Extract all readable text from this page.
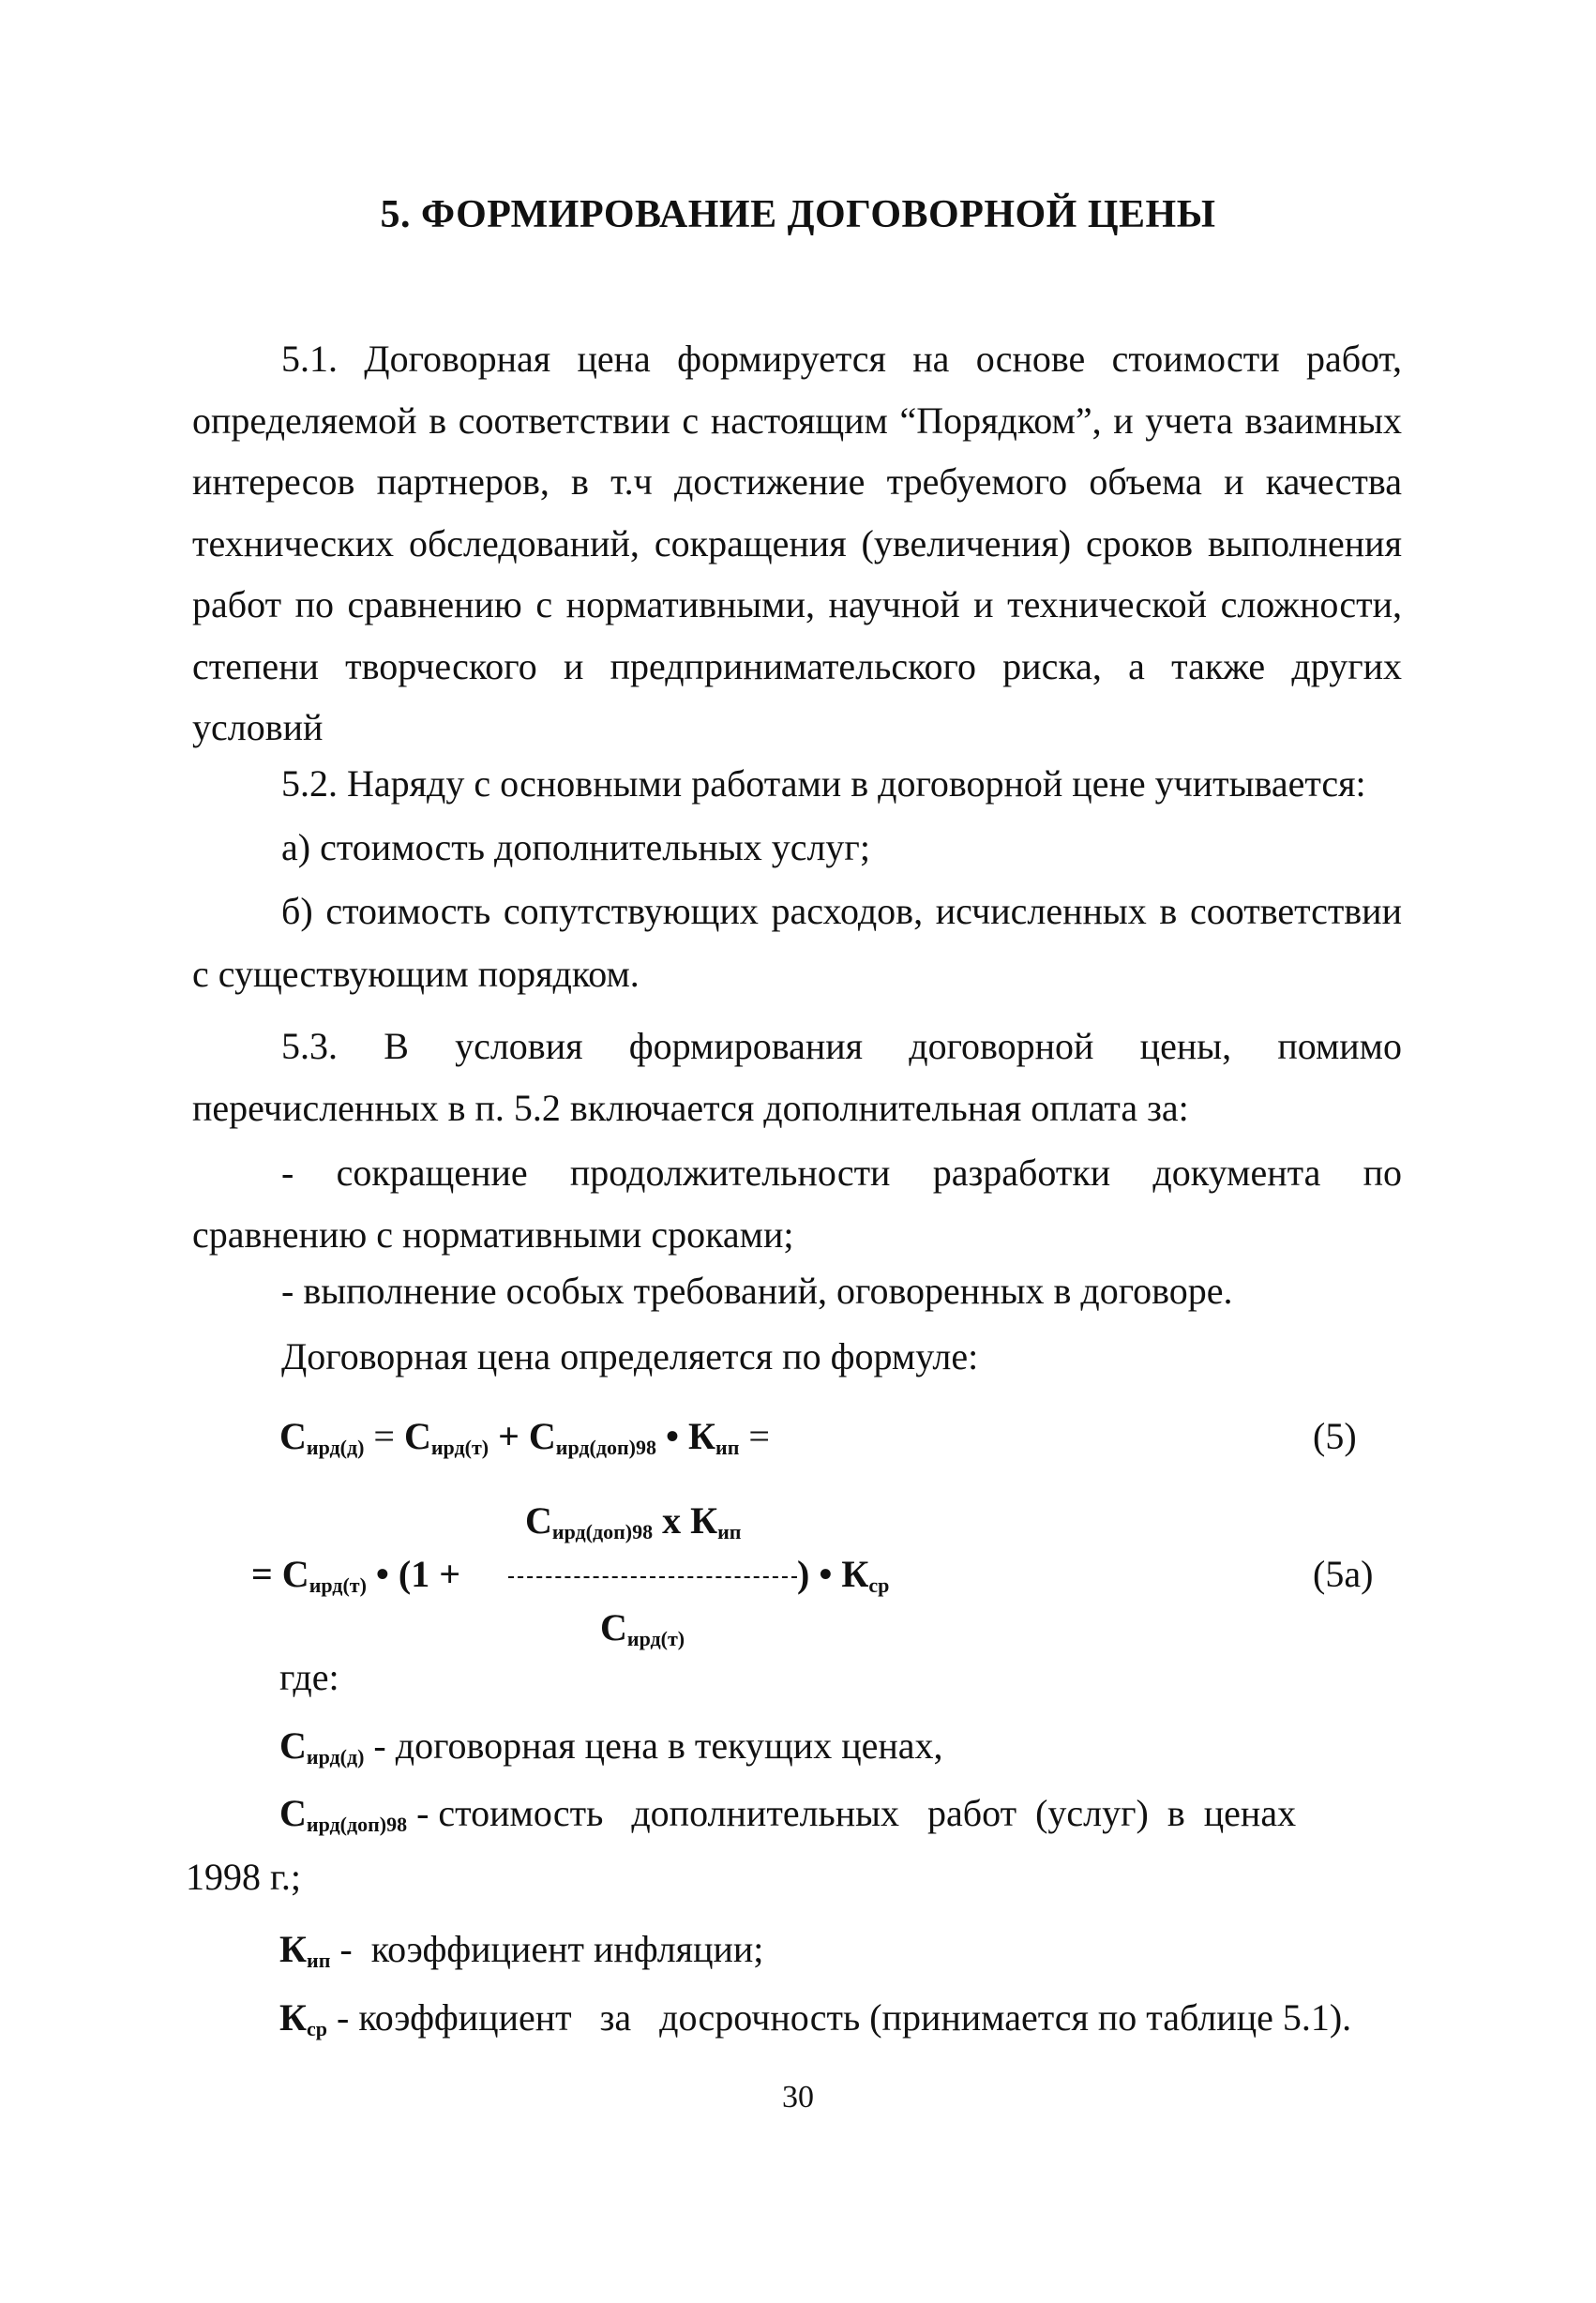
5. ФОРМИРОВАНИЕ ДОГОВОРНОЙ ЦЕНЫ
5.1. Договорная цена формируется на основе стоимости работ, определяемой в соответствии с настоящим “Порядком”, и учета взаимных интересов партнеров, в т.ч достижение требуемого объема и качества технических обследований, сокращения (увеличения) сроков выполнения работ по сравнению с нормативными, научной и технической сложности, степени творческого и предпринимательского риска, а также других условий
5.2. Наряду с основными работами в договорной цене учитывается:
а) стоимость дополнительных услуг;
б) стоимость сопутствующих расходов, исчисленных в соответствии
с существующим порядком.
5.3. В условия формирования договорной цены, помимо перечисленных в п. 5.2 включается дополнительная оплата за:
- сокращение продолжительности разработки документа по сравнению с нормативными сроками;
- выполнение особых требований, оговоренных в договоре.
Договорная цена определяется по формуле:
$С_{ирд(д)} = С_{ирд(т)} + С_{ирд(доп)98}$ • $К_{ип}$ =	(5)
$С_{ирд(доп)98}$ х $К_{ип}$
= $С_{ирд(т)}$ • (1 +	) • $К_{ср}$	(5а)
$С_{ирд(т)}$
где:
$С_{ирд(д)}$ - договорная цена в текущих ценах,
$С_{ирд(доп)98}$ - стоимость   дополнительных   работ  (услуг)  в  ценах
1998 г.;
$К_{ип}$ -  коэффициент инфляции;
$К_{ср}$ - коэффициент   за   досрочность (принимается по таблице 5.1).
30
